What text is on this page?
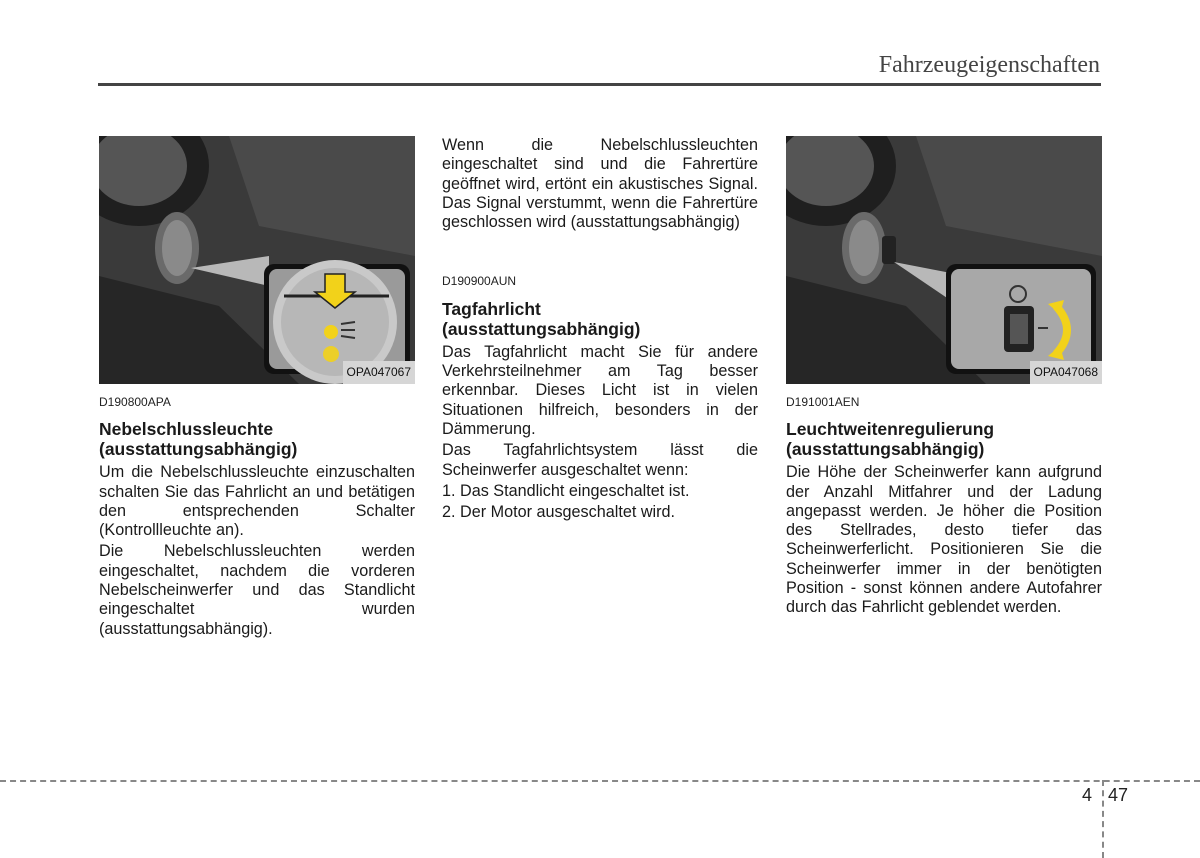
Fahrzeugeigenschaften
OPA047067
D190800APA
Nebelschlussleuchte
(ausstattungsabhängig)

Um die Nebelschlussleuchte einzuschalten schalten Sie das Fahrlicht an und betätigen den entsprechenden Schalter (Kontrollleuchte an).

Die Nebelschlussleuchten werden eingeschaltet, nachdem die vorderen Nebelscheinwerfer und das Standlicht eingeschaltet wurden (ausstattungsabhängig).

Wenn die Nebelschlussleuchten eingeschaltet sind und die Fahrertüre geöffnet wird, ertönt ein akustisches Signal. Das Signal verstummt, wenn die Fahrertüre geschlossen wird (ausstattungsabhängig)

D190900AUN
Tagfahrlicht
(ausstattungsabhängig)

Das Tagfahrlicht macht Sie für andere Verkehrsteilnehmer am Tag besser erkennbar. Dieses Licht ist in vielen Situationen hilfreich, besonders in der Dämmerung.

Das Tagfahrlichtsystem lässt die Scheinwerfer ausgeschaltet wenn:

1. Das Standlicht eingeschaltet ist.

2. Der Motor ausgeschaltet wird.

OPA047068
D191001AEN
Leuchtweitenregulierung
(ausstattungsabhängig)

Die Höhe der Scheinwerfer kann aufgrund der Anzahl Mitfahrer und der Ladung angepasst werden. Je höher die Position des Stellrades, desto tiefer das Scheinwerferlicht. Positionieren Sie die Scheinwerfer immer in der benötigten Position - sonst können andere Autofahrer durch das Fahrlicht geblendet werden.

4 47
